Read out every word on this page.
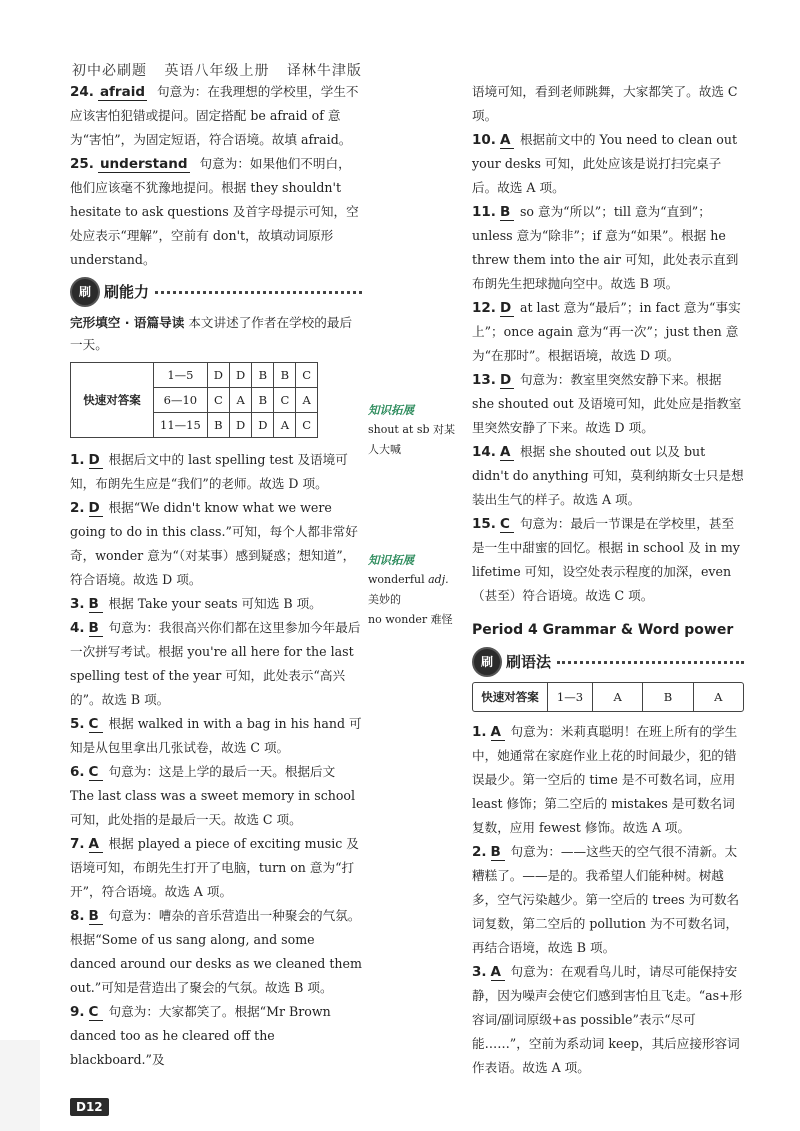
初中必刷题 英语八年级上册 译林牛津版

24. afraid 句意为：在我理想的学校里，学生不应该害怕犯错或提问。固定搭配 be afraid of 意为“害怕”，为固定短语，符合语境。故填 afraid。

25. understand 句意为：如果他们不明白，他们应该毫不犹豫地提问。根据 they shouldn't hesitate to ask questions 及首字母提示可知，空处应表示“理解”，空前有 don't，故填动词原形 understand。

刷 刷能力
完形填空 · 语篇导读 本文讲述了作者在学校的最后一天。
快速对答案	1—5	D	D	B	B	C
	6—10	C	A	B	C	A
	11—15	B	D	D	A	C

1. D 根据后文中的 last spelling test 及语境可知，布朗先生应是“我们”的老师。故选 D 项。

2. D 根据“We didn't know what we were going to do in this class.”可知，每个人都非常好奇，wonder 意为“（对某事）感到疑惑；想知道”，符合语境。故选 D 项。

3. B 根据 Take your seats 可知选 B 项。

4. B 句意为：我很高兴你们都在这里参加今年最后一次拼写考试。根据 you're all here for the last spelling test of the year 可知，此处表示“高兴的”。故选 B 项。

5. C 根据 walked in with a bag in his hand 可知是从包里拿出几张试卷，故选 C 项。

6. C 句意为：这是上学的最后一天。根据后文 The last class was a sweet memory in school 可知，此处指的是最后一天。故选 C 项。

7. A 根据 played a piece of exciting music 及语境可知，布朗先生打开了电脑，turn on 意为“打开”，符合语境。故选 A 项。

8. B 句意为：嘈杂的音乐营造出一种聚会的气氛。根据“Some of us sang along, and some danced around our desks as we cleaned them out.”可知是营造出了聚会的气氛。故选 B 项。

9. C 句意为：大家都笑了。根据“Mr Brown danced too as he cleared off the blackboard.”及

知识拓展
shout at sb 对某人大喊
知识拓展
wonderful adj. 美妙的
no wonder 难怪

语境可知，看到老师跳舞，大家都笑了。故选 C 项。

10. A 根据前文中的 You need to clean out your desks 可知，此处应该是说打扫完桌子后。故选 A 项。

11. B so 意为“所以”；till 意为“直到”；unless 意为“除非”；if 意为“如果”。根据 he threw them into the air 可知，此处表示直到布朗先生把球抛向空中。故选 B 项。

12. D at last 意为“最后”；in fact 意为“事实上”；once again 意为“再一次”；just then 意为“在那时”。根据语境，故选 D 项。

13. D 句意为：教室里突然安静下来。根据 she shouted out 及语境可知，此处应是指教室里突然安静了下来。故选 D 项。

14. A 根据 she shouted out 以及 but didn't do anything 可知，莫利纳斯女士只是想装出生气的样子。故选 A 项。

15. C 句意为：最后一节课是在学校里，甚至是一生中甜蜜的回忆。根据 in school 及 in my lifetime 可知，设空处表示程度的加深，even（甚至）符合语境。故选 C 项。

Period 4 Grammar & Word power
刷 刷语法
快速对答案	1—3	A	B	A

1. A 句意为：米莉真聪明！在班上所有的学生中，她通常在家庭作业上花的时间最少，犯的错误最少。第一空后的 time 是不可数名词，应用 least 修饰；第二空后的 mistakes 是可数名词复数，应用 fewest 修饰。故选 A 项。

2. B 句意为：——这些天的空气很不清新。太糟糕了。——是的。我希望人们能种树。树越多，空气污染越少。第一空后的 trees 为可数名词复数，第二空后的 pollution 为不可数名词，再结合语境，故选 B 项。

3. A 句意为：在观看鸟儿时，请尽可能保持安静，因为噪声会使它们感到害怕且飞走。“as+形容词/副词原级+as possible”表示“尽可能……”，空前为系动词 keep，其后应接形容词作表语。故选 A 项。

D12
